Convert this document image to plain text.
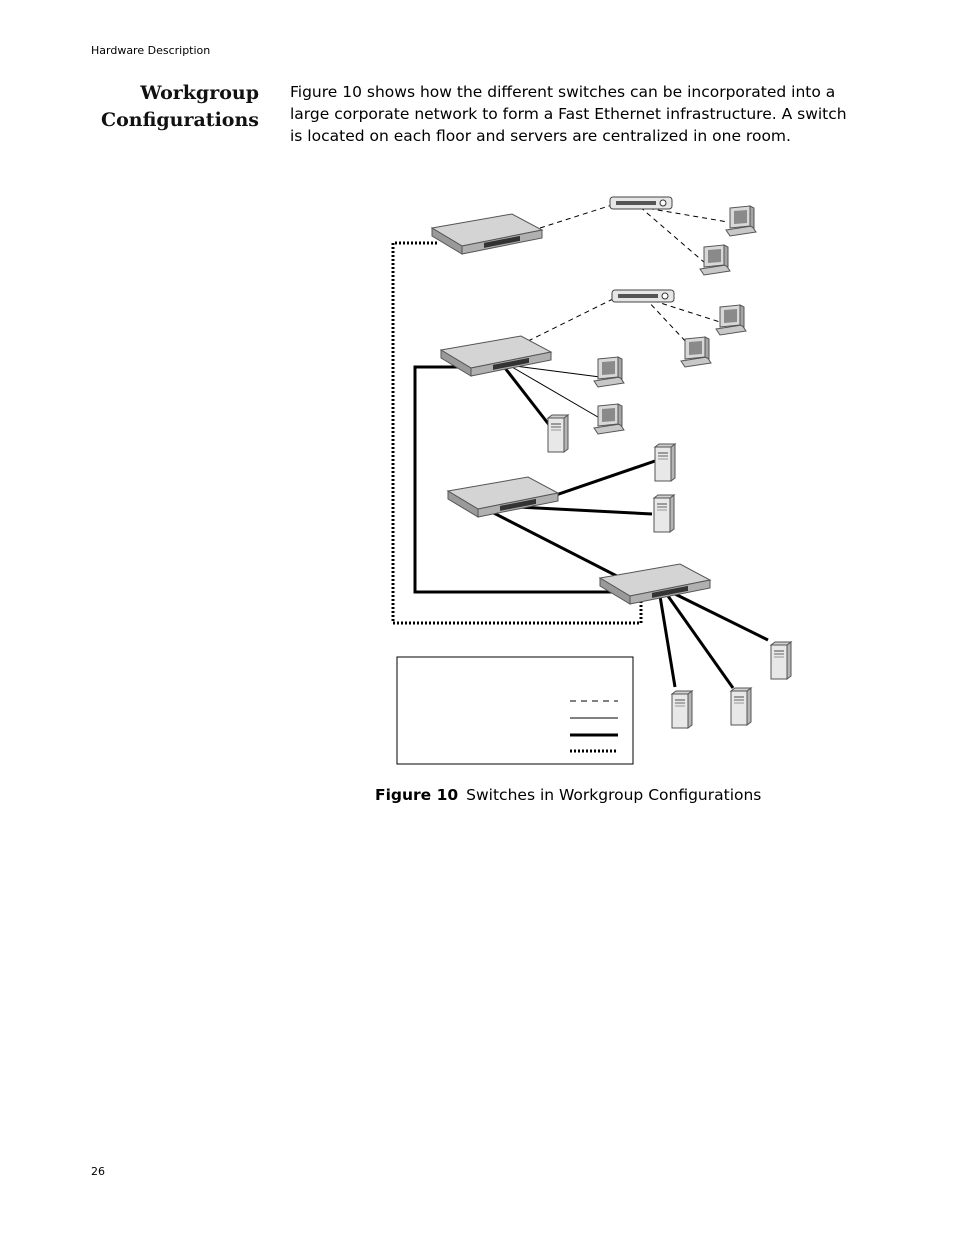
Hardware Description
Workgroup
Configurations

Figure 10 shows how the different switches can be incorporated into a large corporate network to form a Fast Ethernet infrastructure. A switch is located on each floor and servers are centralized in one room.

Figure 10 Switches in Workgroup Configurations
26
